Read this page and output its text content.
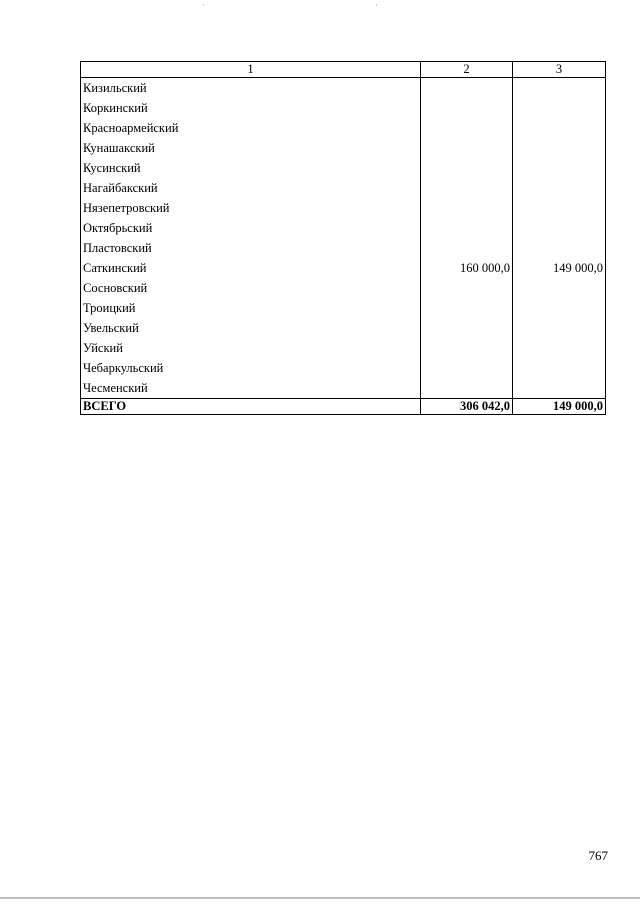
1	2	3
Кизильский		
Коркинский		
Красноармейский		
Кунашакский		
Кусинский		
Нагайбакский		
Нязепетровский		
Октябрьский		
Пластовский		
Саткинский	160 000,0	149 000,0
Сосновский		
Троицкий		
Увельский		
Уйский		
Чебаркульский		
Чесменский		
ВСЕГО	306 042,0	149 000,0
767
